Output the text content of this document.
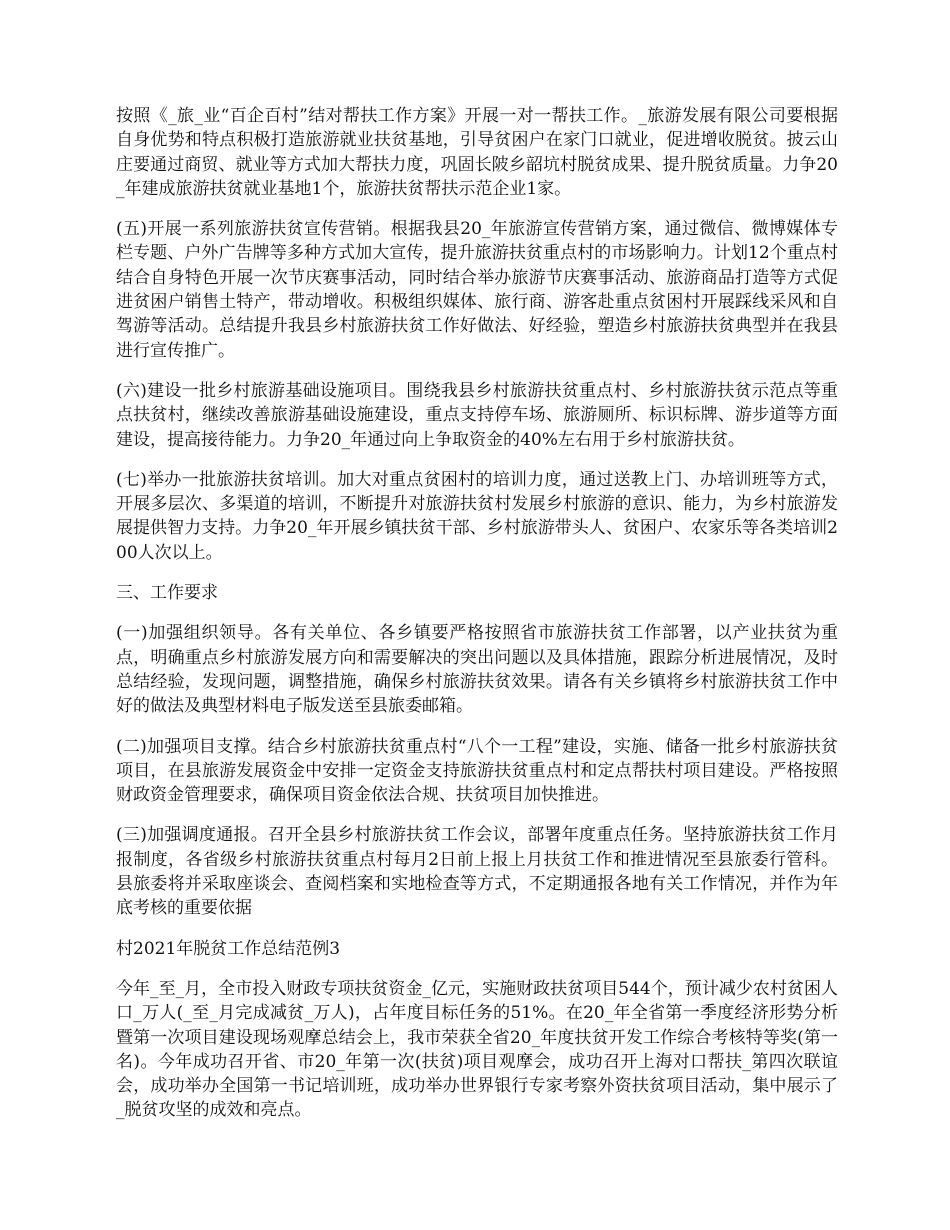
按照《_旅_业“百企百村”结对帮扶工作方案》开展一对一帮扶工作。_旅游发展有限公司要根据自身优势和特点积极打造旅游就业扶贫基地，引导贫困户在家门口就业，促进增收脱贫。披云山庄要通过商贸、就业等方式加大帮扶力度，巩固长陂乡韶坑村脱贫成果、提升脱贫质量。力争20_年建成旅游扶贫就业基地1个，旅游扶贫帮扶示范企业1家。

(五)开展一系列旅游扶贫宣传营销。根据我县20_年旅游宣传营销方案，通过微信、微博媒体专栏专题、户外广告牌等多种方式加大宣传，提升旅游扶贫重点村的市场影响力。计划12个重点村结合自身特色开展一次节庆赛事活动，同时结合举办旅游节庆赛事活动、旅游商品打造等方式促进贫困户销售土特产，带动增收。积极组织媒体、旅行商、游客赴重点贫困村开展踩线采风和自驾游等活动。总结提升我县乡村旅游扶贫工作好做法、好经验，塑造乡村旅游扶贫典型并在我县进行宣传推广。

(六)建设一批乡村旅游基础设施项目。围绕我县乡村旅游扶贫重点村、乡村旅游扶贫示范点等重点扶贫村，继续改善旅游基础设施建设，重点支持停车场、旅游厕所、标识标牌、游步道等方面建设，提高接待能力。力争20_年通过向上争取资金的40%左右用于乡村旅游扶贫。

(七)举办一批旅游扶贫培训。加大对重点贫困村的培训力度，通过送教上门、办培训班等方式，开展多层次、多渠道的培训，不断提升对旅游扶贫村发展乡村旅游的意识、能力，为乡村旅游发展提供智力支持。力争20_年开展乡镇扶贫干部、乡村旅游带头人、贫困户、农家乐等各类培训200人次以上。

三、工作要求

(一)加强组织领导。各有关单位、各乡镇要严格按照省市旅游扶贫工作部署，以产业扶贫为重点，明确重点乡村旅游发展方向和需要解决的突出问题以及具体措施，跟踪分析进展情况，及时总结经验，发现问题，调整措施，确保乡村旅游扶贫效果。请各有关乡镇将乡村旅游扶贫工作中好的做法及典型材料电子版发送至县旅委邮箱。

(二)加强项目支撑。结合乡村旅游扶贫重点村“八个一工程”建设，实施、储备一批乡村旅游扶贫项目，在县旅游发展资金中安排一定资金支持旅游扶贫重点村和定点帮扶村项目建设。严格按照财政资金管理要求，确保项目资金依法合规、扶贫项目加快推进。

(三)加强调度通报。召开全县乡村旅游扶贫工作会议，部署年度重点任务。坚持旅游扶贫工作月报制度，各省级乡村旅游扶贫重点村每月2日前上报上月扶贫工作和推进情况至县旅委行管科。县旅委将并采取座谈会、查阅档案和实地检查等方式，不定期通报各地有关工作情况，并作为年底考核的重要依据

村2021年脱贫工作总结范例3

今年_至_月，全市投入财政专项扶贫资金_亿元，实施财政扶贫项目544个，预计减少农村贫困人口_万人(_至_月完成减贫_万人)，占年度目标任务的51%。在20_年全省第一季度经济形势分析暨第一次项目建设现场观摩总结会上，我市荣获全省20_年度扶贫开发工作综合考核特等奖(第一名)。今年成功召开省、市20_年第一次(扶贫)项目观摩会，成功召开上海对口帮扶_第四次联谊会，成功举办全国第一书记培训班，成功举办世界银行专家考察外资扶贫项目活动，集中展示了_脱贫攻坚的成效和亮点。
